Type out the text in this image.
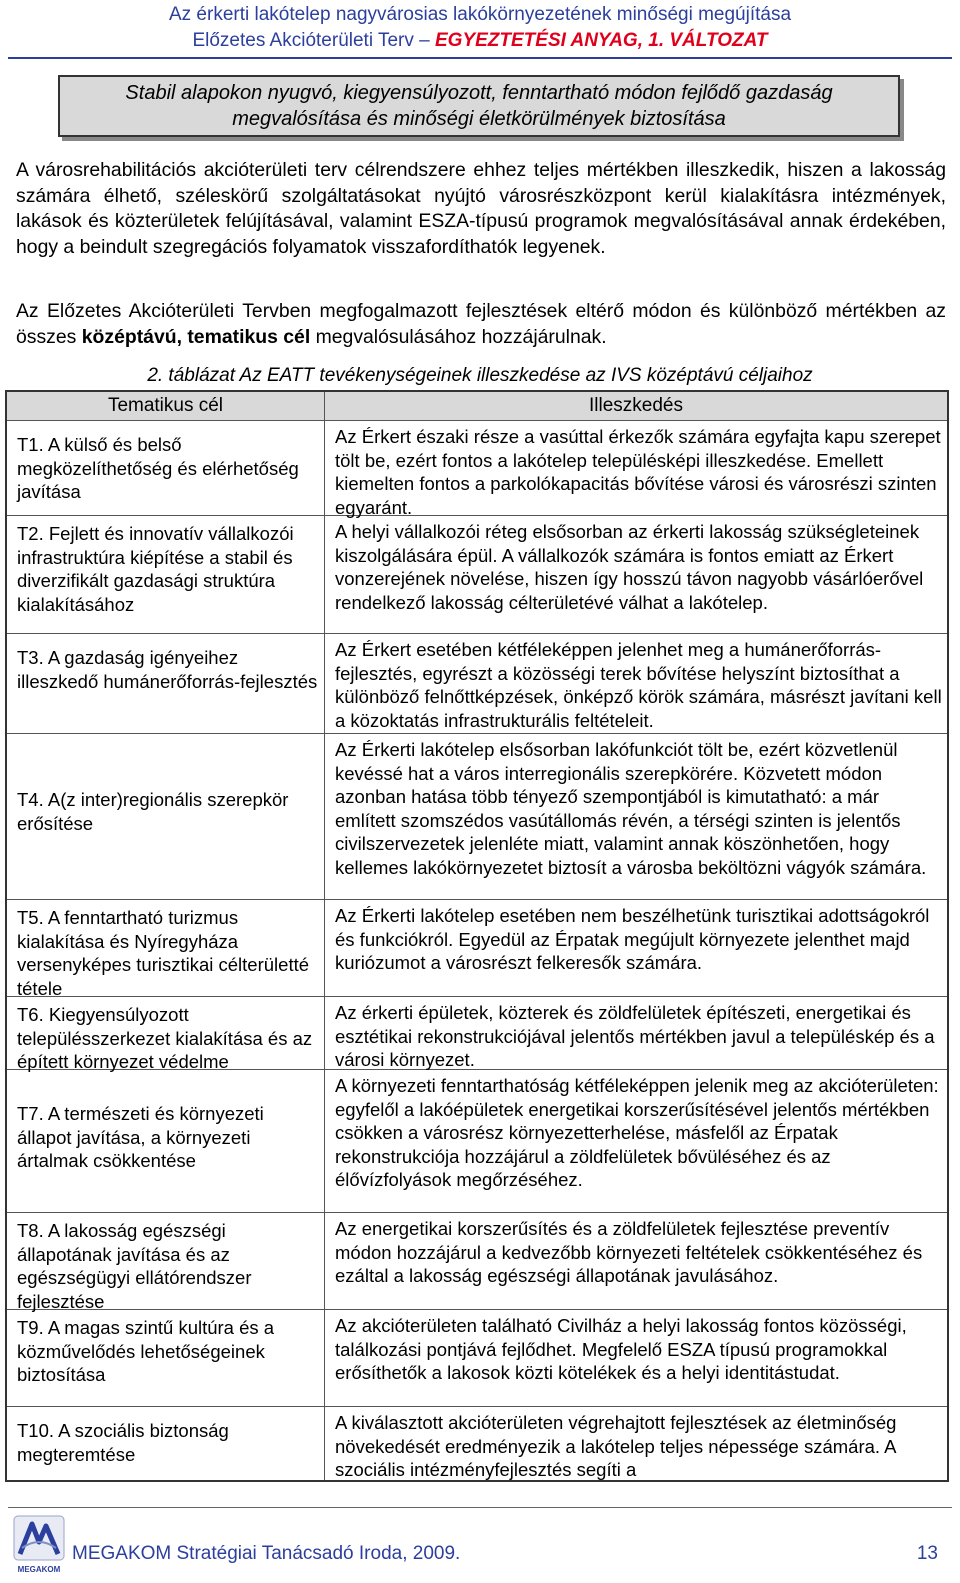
Az érkerti lakótelep nagyvárosias lakókörnyezetének minőségi megújítása
Előzetes Akcióterületi Terv – EGYEZTETÉSI ANYAG, 1. VÁLTOZAT
Stabil alapokon nyugvó, kiegyensúlyozott, fenntartható módon fejlődő gazdaság
megvalósítása és minőségi életkörülmények biztosítása
A városrehabilitációs akcióterületi terv célrendszere ehhez teljes mértékben illeszkedik, hiszen a lakosság számára élhető, széleskörű szolgáltatásokat nyújtó városrészközpont kerül kialakításra intézmények, lakások és közterületek felújításával, valamint ESZA-típusú programok megvalósításával annak érdekében, hogy a beindult szegregációs folyamatok visszafordíthatók legyenek.
Az Előzetes Akcióterületi Tervben megfogalmazott fejlesztések eltérő módon és különböző mértékben az összes középtávú, tematikus cél megvalósulásához hozzájárulnak.
2. táblázat Az EATT tevékenységeinek illeszkedése az IVS középtávú céljaihoz
Tematikus cél	Illeszkedés
T1. A külső és belső megközelíthetőség és elérhetőség javítása
Az Érkert északi része a vasúttal érkezők számára egyfajta kapu szerepet tölt be, ezért fontos a lakótelep településképi illeszkedése. Emellett kiemelten fontos a parkolókapacitás bővítése városi és városrészi szinten egyaránt.
T2. Fejlett és innovatív vállalkozói infrastruktúra kiépítése a stabil és diverzifikált gazdasági struktúra kialakításához
A helyi vállalkozói réteg elsősorban az érkerti lakosság szükségleteinek kiszolgálására épül. A vállalkozók számára is fontos emiatt az Érkert vonzerejének növelése, hiszen így hosszú távon nagyobb vásárlóerővel rendelkező lakosság célterületévé válhat a lakótelep.
T3. A gazdaság igényeihez illeszkedő humánerőforrás-fejlesztés
Az Érkert esetében kétféleképpen jelenhet meg a humánerőforrás-fejlesztés, egyrészt a közösségi terek bővítése helyszínt biztosíthat a különböző felnőttképzések, önképző körök számára, másrészt javítani kell a közoktatás infrastrukturális feltételeit.
T4. A(z inter)regionális szerepkör erősítése
Az Érkerti lakótelep elsősorban lakófunkciót tölt be, ezért közvetlenül kevéssé hat a város interregionális szerepkörére. Közvetett módon azonban hatása több tényező szempontjából is kimutatható: a már említett szomszédos vasútállomás révén, a térségi szinten is jelentős civilszervezetek jelenléte miatt, valamint annak köszönhetően, hogy kellemes lakókörnyezetet biztosít a városba beköltözni vágyók számára.
T5. A fenntartható turizmus kialakítása és Nyíregyháza versenyképes turisztikai célterületté tétele
Az Érkerti lakótelep esetében nem beszélhetünk turisztikai adottságokról és funkciókról. Egyedül az Érpatak megújult környezete jelenthet majd kuriózumot a városrészt felkeresők számára.
T6. Kiegyensúlyozott településszerkezet kialakítása és az épített környezet védelme
Az érkerti épületek, közterek és zöldfelületek építészeti, energetikai és esztétikai rekonstrukciójával jelentős mértékben javul a településkép és a városi környezet.
T7. A természeti és környezeti állapot javítása, a környezeti ártalmak csökkentése
A környezeti fenntarthatóság kétféleképpen jelenik meg az akcióterületen: egyfelől a lakóépületek energetikai korszerűsítésével jelentős mértékben csökken a városrész környezetterhelése, másfelől az Érpatak rekonstrukciója hozzájárul a zöldfelületek bővüléséhez és az élővízfolyások megőrzéséhez.
T8. A lakosság egészségi állapotának javítása és az egészségügyi ellátórendszer fejlesztése
Az energetikai korszerűsítés és a zöldfelületek fejlesztése preventív módon hozzájárul a kedvezőbb környezeti feltételek csökkentéséhez és ezáltal a lakosság egészségi állapotának javulásához.
T9. A magas szintű kultúra és a közművelődés lehetőségeinek biztosítása
Az akcióterületen található Civilház a helyi lakosság fontos közösségi, találkozási pontjává fejlődhet. Megfelelő ESZA típusú programokkal erősíthetők a lakosok közti kötelékek és a helyi identitástudat.
T10. A szociális biztonság megteremtése
A kiválasztott akcióterületen végrehajtott fejlesztések az életminőség növekedését eredményezik a lakótelep teljes népessége számára. A szociális intézményfejlesztés segíti a
MEGAKOM
MEGAKOM Stratégiai Tanácsadó Iroda, 2009.	13
